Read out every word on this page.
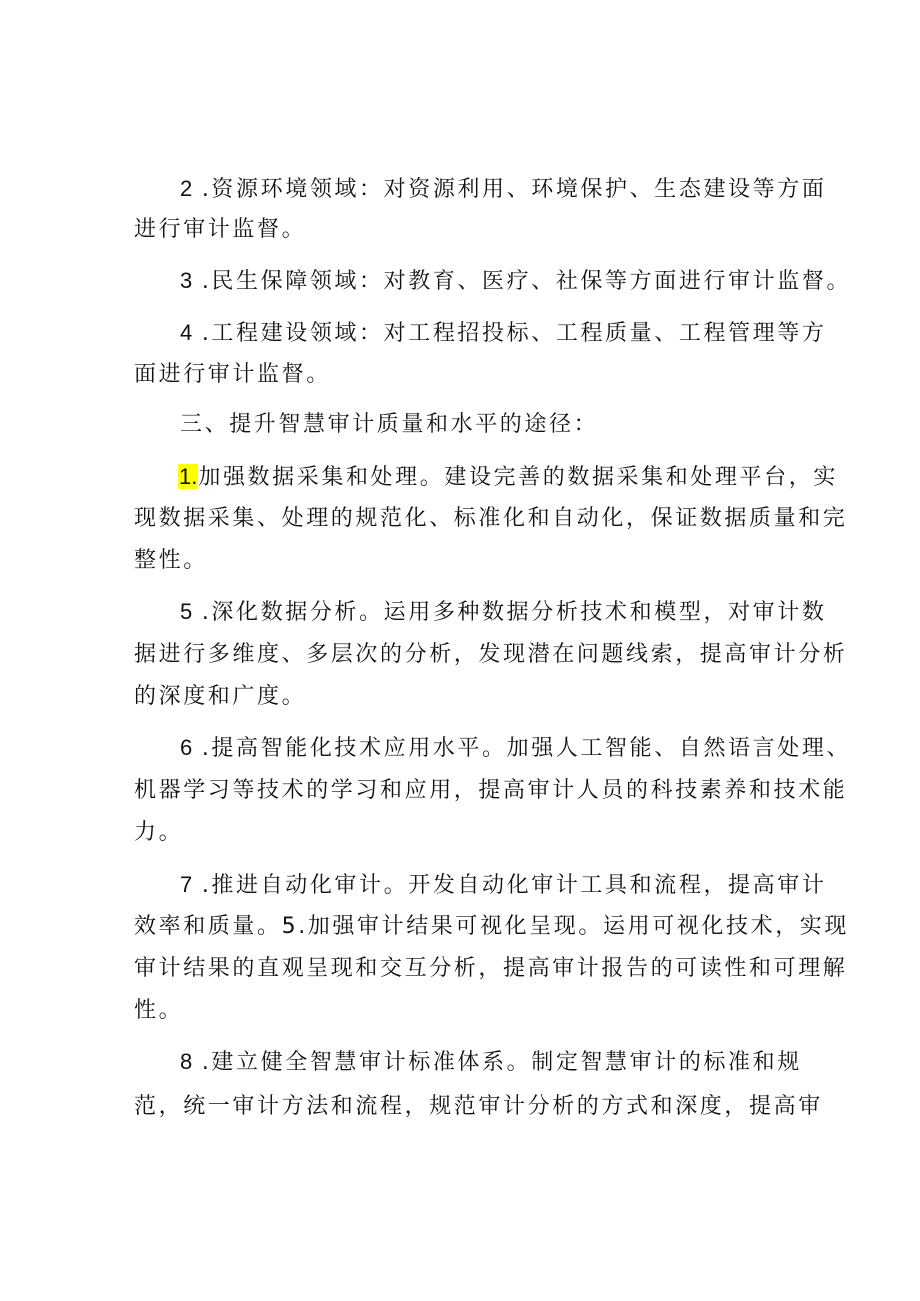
2 .资源环境领域：对资源利用、环境保护、生态建设等方面
进行审计监督。
3 .民生保障领域：对教育、医疗、社保等方面进行审计监督。
4 .工程建设领域：对工程招投标、工程质量、工程管理等方
面进行审计监督。
三、提升智慧审计质量和水平的途径：
1.加强数据采集和处理。建设完善的数据采集和处理平台，实
现数据采集、处理的规范化、标准化和自动化，保证数据质量和完
整性。
5 .深化数据分析。运用多种数据分析技术和模型，对审计数
据进行多维度、多层次的分析，发现潜在问题线索，提高审计分析
的深度和广度。
6 .提高智能化技术应用水平。加强人工智能、自然语言处理、
机器学习等技术的学习和应用，提高审计人员的科技素养和技术能
力。
7 .推进自动化审计。开发自动化审计工具和流程，提高审计
效率和质量。5.加强审计结果可视化呈现。运用可视化技术，实现
审计结果的直观呈现和交互分析，提高审计报告的可读性和可理解
性。
8 .建立健全智慧审计标准体系。制定智慧审计的标准和规
范，统一审计方法和流程，规范审计分析的方式和深度，提高审
